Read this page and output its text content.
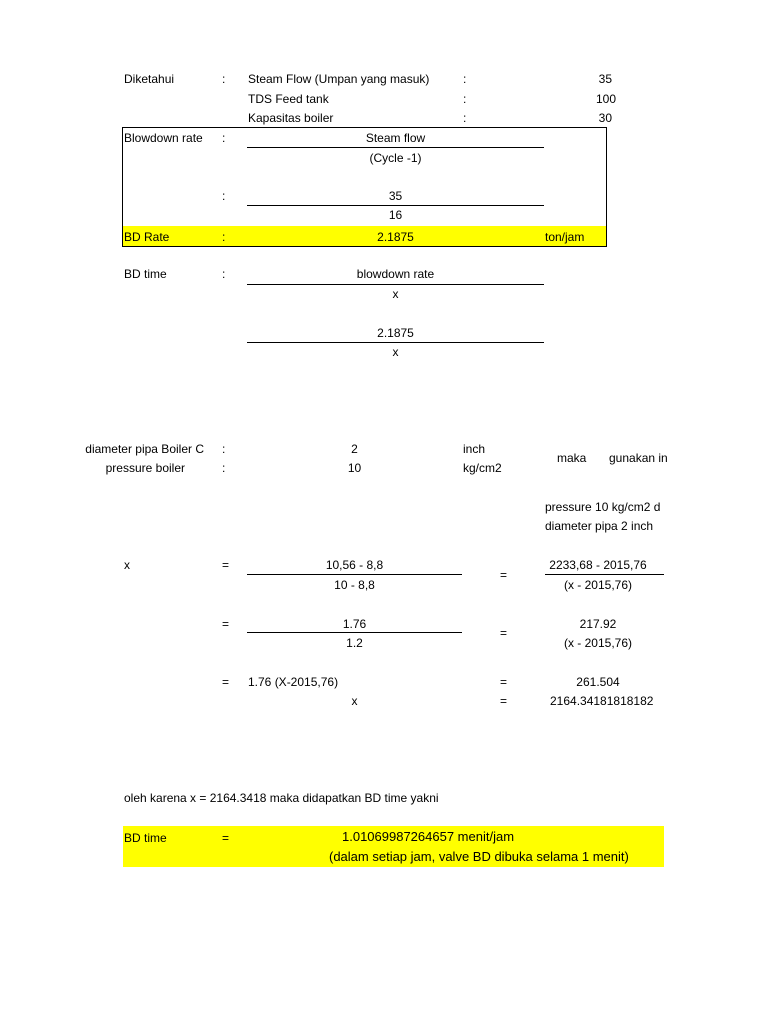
Diketahui	: Steam Flow (Umpan yang masuk)	:	35
TDS Feed tank	:	100
Kapasitas boiler	:	30
Blowdown rate :	Steam flow
(Cycle -1)
:	35
16
BD Rate	:	2.1875	ton/jam
BD time	:	blowdown rate
x
2.1875
x
diameter pipa Boiler C :	2	inch
pressure boiler	:	10	kg/cm2
maka gunakan in
pressure 10 kg/cm2 d
diameter pipa 2 inch
x	=	10,56 - 8,8
10 - 8,8
=
2233,68 - 2015,76
(x - 2015,76)
=	1.76
1.2
=
217.92
(x - 2015,76)
= 1.76 (X-2015,76)	=	261.504
x	=	2164.34181818182
oleh karena x = 2164.3418 maka didapatkan BD time yakni
BD time	=	1.01069987264657 menit/jam
(dalam setiap jam, valve BD dibuka selama 1 menit)
